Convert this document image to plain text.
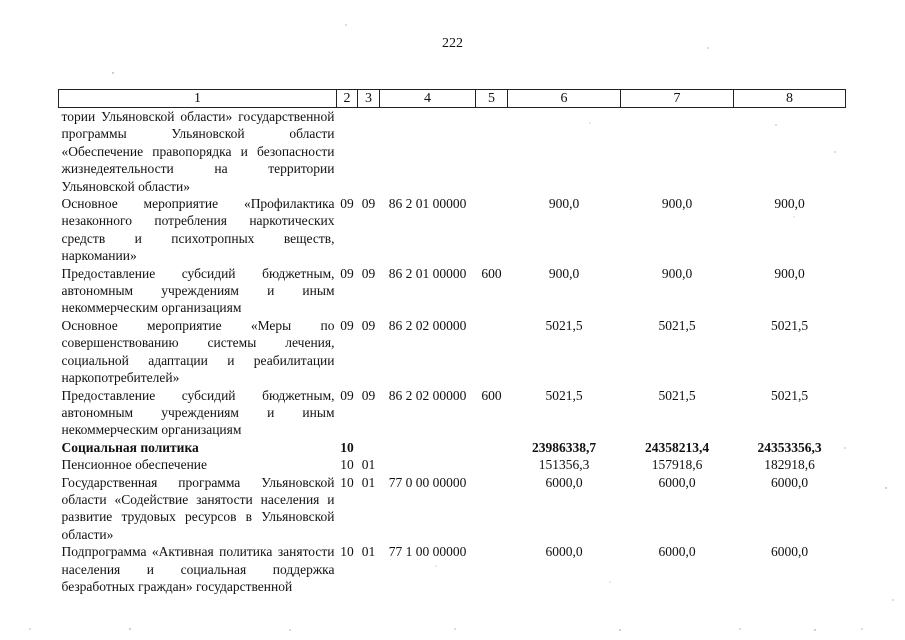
222
1	2	3	4	5	6	7	8
тории Ульяновской области» государственной программы Ульяновской области «Обеспечение правопорядка и безопасности жизнедеятельности на территории Ульяновской области»							
Основное мероприятие «Профилактика незаконного потребления наркотических средств и психотропных веществ, наркомании»	09	09	86 2 01 00000		900,0	900,0	900,0
Предоставление субсидий бюджетным, автономным учреждениям и иным некоммерческим организациям	09	09	86 2 01 00000	600	900,0	900,0	900,0
Основное мероприятие «Меры по совершенствованию системы лечения, социальной адаптации и реабилитации наркопотребителей»	09	09	86 2 02 00000		5021,5	5021,5	5021,5
Предоставление субсидий бюджетным, автономным учреждениям и иным некоммерческим организациям	09	09	86 2 02 00000	600	5021,5	5021,5	5021,5
Социальная политика	10				23986338,7	24358213,4	24353356,3
Пенсионное обеспечение	10	01			151356,3	157918,6	182918,6
Государственная программа Ульяновской области «Содействие занятости населения и развитие трудовых ресурсов в Ульяновской области»	10	01	77 0 00 00000		6000,0	6000,0	6000,0
Подпрограмма «Активная политика занятости населения и социальная поддержка безработных граждан» государственной	10	01	77 1 00 00000		6000,0	6000,0	6000,0
